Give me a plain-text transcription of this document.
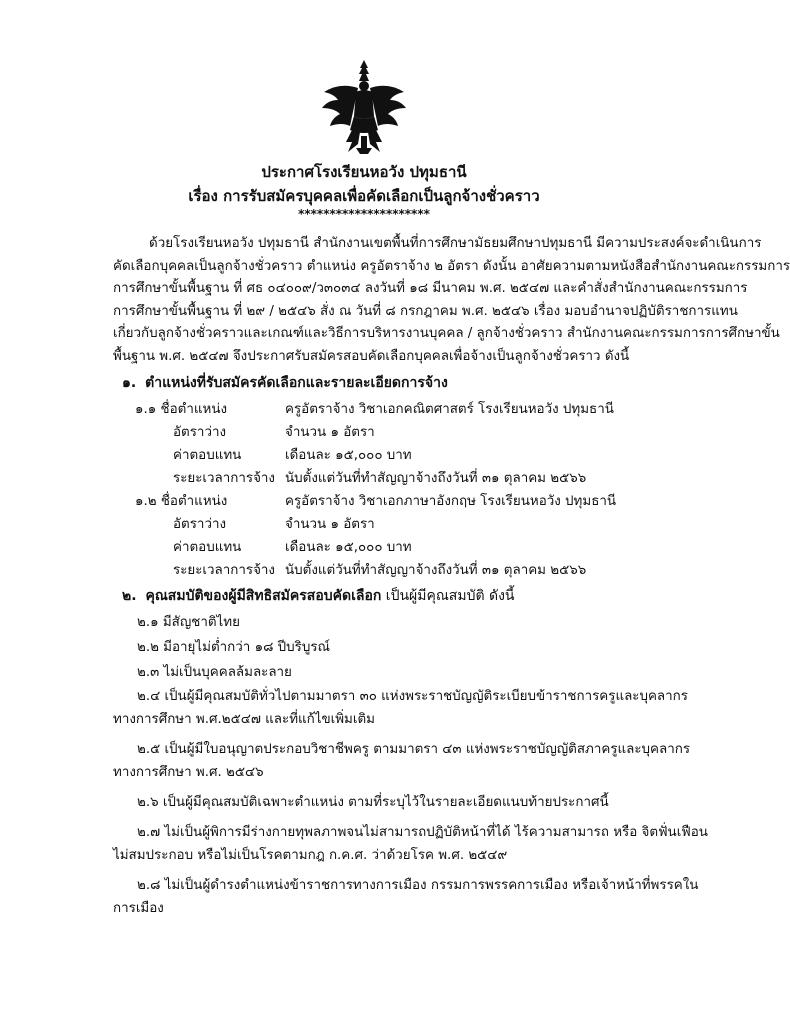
ประกาศโรงเรียนหอวัง ปทุมธานี
เรื่อง การรับสมัครบุคคลเพื่อคัดเลือกเป็นลูกจ้างชั่วคราว
*********************
ด้วยโรงเรียนหอวัง ปทุมธานี สำนักงานเขตพื้นที่การศึกษามัธยมศึกษาปทุมธานี มีความประสงค์จะดำเนินการ
คัดเลือกบุคคลเป็นลูกจ้างชั่วคราว ตำแหน่ง ครูอัตราจ้าง ๒ อัตรา ดังนั้น อาศัยความตามหนังสือสำนักงานคณะกรรมการ
การศึกษาขั้นพื้นฐาน ที่ ศธ ๐๔๐๐๙/ว๓๐๓๔ ลงวันที่ ๑๘ มีนาคม พ.ศ. ๒๕๔๗ และคำสั่งสำนักงานคณะกรรมการ
การศึกษาขั้นพื้นฐาน ที่ ๒๙ / ๒๕๔๖ สั่ง ณ วันที่ ๘ กรกฎาคม พ.ศ. ๒๕๔๖ เรื่อง มอบอำนาจปฏิบัติราชการแทน
เกี่ยวกับลูกจ้างชั่วคราวและเกณฑ์และวิธีการบริหารงานบุคคล / ลูกจ้างชั่วคราว สำนักงานคณะกรรมการการศึกษาขั้น
พื้นฐาน พ.ศ. ๒๕๔๗ จึงประกาศรับสมัครสอบคัดเลือกบุคคลเพื่อจ้างเป็นลูกจ้างชั่วคราว ดังนี้
๑. ตำแหน่งที่รับสมัครคัดเลือกและรายละเอียดการจ้าง
๑.๑ ชื่อตำแหน่ง	ครูอัตราจ้าง วิชาเอกคณิตศาสตร์ โรงเรียนหอวัง ปทุมธานี
อัตราว่าง	จำนวน ๑ อัตรา
ค่าตอบแทน	เดือนละ ๑๕,๐๐๐ บาท
ระยะเวลาการจ้าง นับตั้งแต่วันที่ทำสัญญาจ้างถึงวันที่ ๓๑ ตุลาคม ๒๕๖๖
๑.๒ ชื่อตำแหน่ง	ครูอัตราจ้าง วิชาเอกภาษาอังกฤษ โรงเรียนหอวัง ปทุมธานี
อัตราว่าง	จำนวน ๑ อัตรา
ค่าตอบแทน	เดือนละ ๑๕,๐๐๐ บาท
ระยะเวลาการจ้าง นับตั้งแต่วันที่ทำสัญญาจ้างถึงวันที่ ๓๑ ตุลาคม ๒๕๖๖
๒. คุณสมบัติของผู้มีสิทธิสมัครสอบคัดเลือก เป็นผู้มีคุณสมบัติ ดังนี้
๒.๑ มีสัญชาติไทย
๒.๒ มีอายุไม่ต่ำกว่า ๑๘ ปีบริบูรณ์
๒.๓ ไม่เป็นบุคคลล้มละลาย
๒.๔ เป็นผู้มีคุณสมบัติทั่วไปตามมาตรา ๓๐ แห่งพระราชบัญญัติระเบียบข้าราชการครูและบุคลากร
ทางการศึกษา พ.ศ.๒๕๔๗ และที่แก้ไขเพิ่มเติม
๒.๕ เป็นผู้มีใบอนุญาตประกอบวิชาชีพครู ตามมาตรา ๔๓ แห่งพระราชบัญญัติสภาครูและบุคลากร
ทางการศึกษา พ.ศ. ๒๕๔๖
๒.๖ เป็นผู้มีคุณสมบัติเฉพาะตำแหน่ง ตามที่ระบุไว้ในรายละเอียดแนบท้ายประกาศนี้
๒.๗ ไม่เป็นผู้พิการมีร่างกายทุพลภาพจนไม่สามารถปฏิบัติหน้าที่ได้ ไร้ความสามารถ หรือ จิตฟั่นเฟือน
ไม่สมประกอบ หรือไม่เป็นโรคตามกฎ ก.ค.ศ. ว่าด้วยโรค พ.ศ. ๒๕๔๙
๒.๘ ไม่เป็นผู้ดำรงตำแหน่งข้าราชการทางการเมือง กรรมการพรรคการเมือง หรือเจ้าหน้าที่พรรคใน
การเมือง
